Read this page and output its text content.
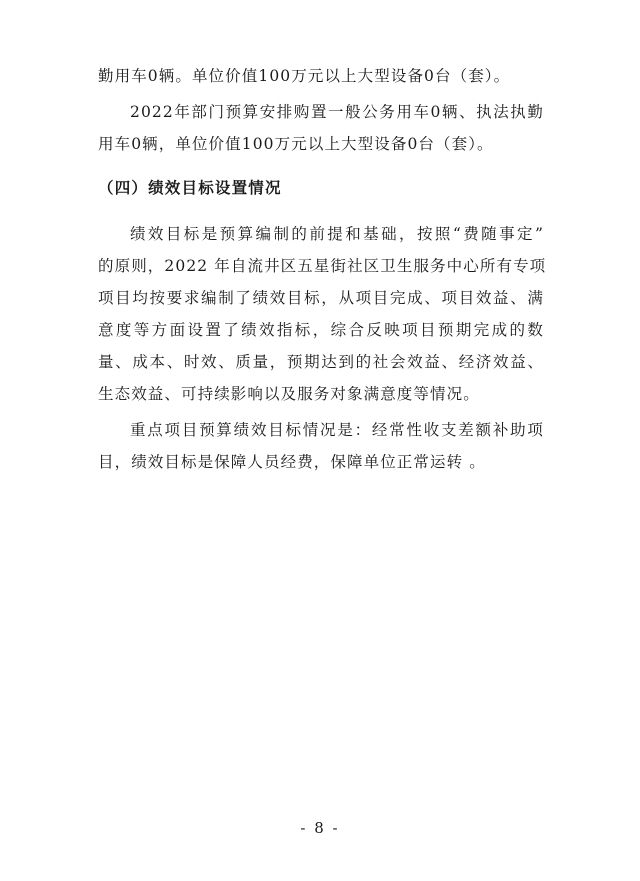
勤用车0辆。单位价值100万元以上大型设备0台（套）。
2022年部门预算安排购置一般公务用车0辆、执法执勤
用车0辆，单位价值100万元以上大型设备0台（套）。
（四）绩效目标设置情况
绩效目标是预算编制的前提和基础，按照“费随事定”
的原则，2022 年自流井区五星街社区卫生服务中心所有专项
项目均按要求编制了绩效目标，从项目完成、项目效益、满
意度等方面设置了绩效指标，综合反映项目预期完成的数
量、成本、时效、质量，预期达到的社会效益、经济效益、
生态效益、可持续影响以及服务对象满意度等情况。
重点项目预算绩效目标情况是：经常性收支差额补助项
目，绩效目标是保障人员经费，保障单位正常运转 。
- 8 -
